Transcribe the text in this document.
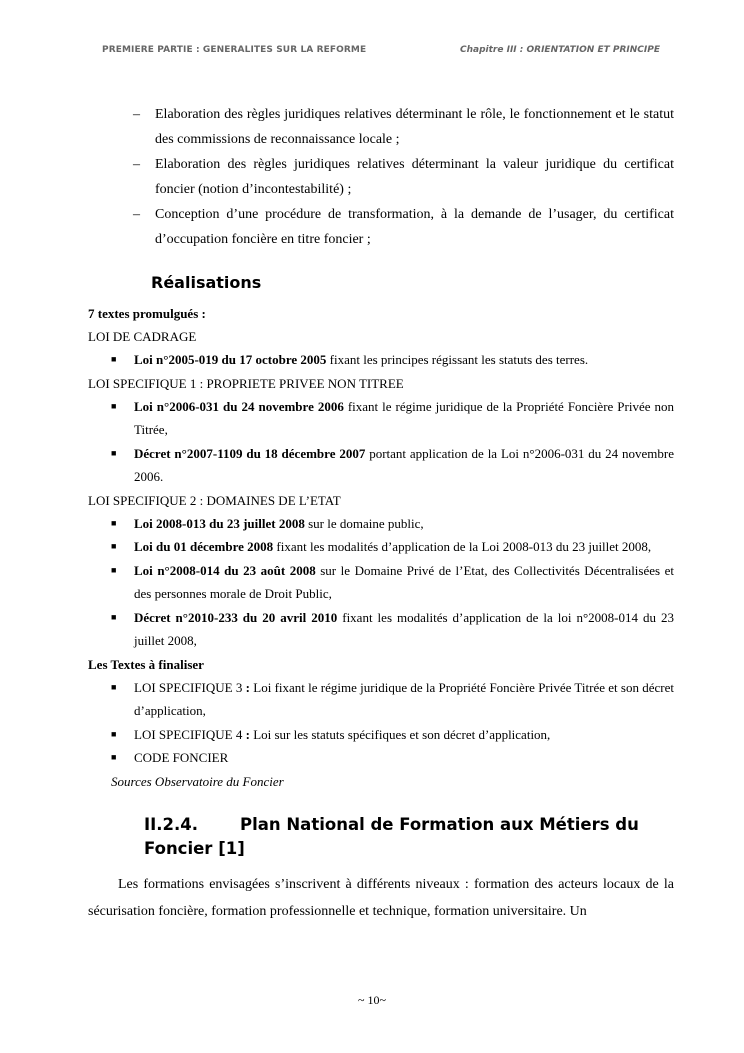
PREMIERE PARTIE : GENERALITES SUR LA REFORME	Chapitre III : ORIENTATION ET PRINCIPE
– Elaboration des règles juridiques relatives déterminant le rôle, le fonctionnement et le statut des commissions de reconnaissance locale ;
– Elaboration des règles juridiques relatives déterminant la valeur juridique du certificat foncier (notion d’incontestabilité) ;
– Conception d’une procédure de transformation, à la demande de l’usager, du certificat d’occupation foncière en titre foncier ;
Réalisations
7 textes promulgués :
LOI DE CADRAGE
■ Loi n°2005-019 du 17 octobre 2005 fixant les principes régissant les statuts des terres.
LOI SPECIFIQUE 1 : PROPRIETE PRIVEE NON TITREE
■ Loi n°2006-031 du 24 novembre 2006 fixant le régime juridique de la Propriété Foncière Privée non Titrée,
■ Décret n°2007-1109 du 18 décembre 2007 portant application de la Loi n°2006-031 du 24 novembre 2006.
LOI SPECIFIQUE 2 : DOMAINES DE L’ETAT
■ Loi 2008-013 du 23 juillet 2008 sur le domaine public,
■ Loi du 01 décembre 2008 fixant les modalités d’application de la Loi 2008-013 du 23 juillet 2008,
■ Loi n°2008-014 du 23 août 2008 sur le Domaine Privé de l’Etat, des Collectivités Décentralisées et des personnes morale de Droit Public,
■ Décret n°2010-233 du 20 avril 2010 fixant les modalités d’application de la loi n°2008-014 du 23 juillet 2008,
Les Textes à finaliser
■ LOI SPECIFIQUE 3 : Loi fixant le régime juridique de la Propriété Foncière Privée Titrée et son décret d’application,
■ LOI SPECIFIQUE 4 : Loi sur les statuts spécifiques et son décret d’application,
■ CODE FONCIER
Sources Observatoire du Foncier
II.2.4.	Plan National de Formation aux Métiers du Foncier [1]

Les formations envisagées s’inscrivent à différents niveaux : formation des acteurs locaux de la sécurisation foncière, formation professionnelle et technique, formation universitaire. Un

~ 10~
